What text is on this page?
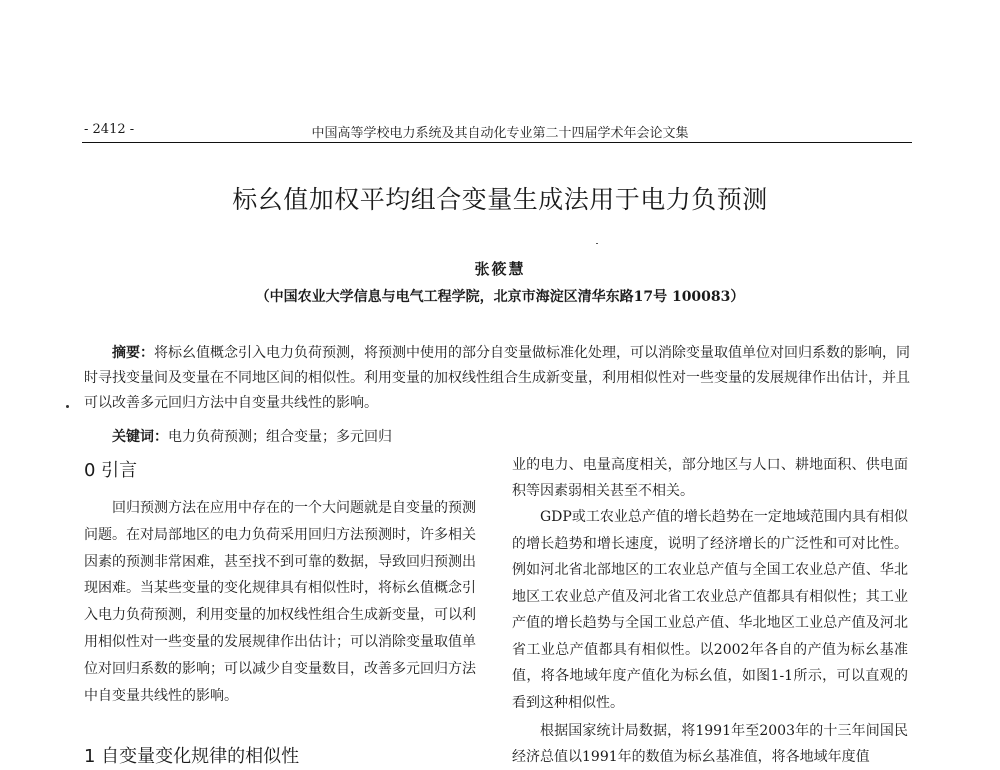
- 2412 -	中国高等学校电力系统及其自动化专业第二十四届学术年会论文集
标幺值加权平均组合变量生成法用于电力负预测
张筱慧
（中国农业大学信息与电气工程学院，北京市海淀区清华东路17号 100083）

摘要：将标幺值概念引入电力负荷预测，将预测中使用的部分自变量做标准化处理，可以消除变量取值单位对回归系数的影响，同时寻找变量间及变量在不同地区间的相似性。利用变量的加权线性组合生成新变量，利用相似性对一些变量的发展规律作出估计，并且可以改善多元回归方法中自变量共线性的影响。

关键词：电力负荷预测；组合变量；多元回归

0 引言

回归预测方法在应用中存在的一个大问题就是自变量的预测问题。在对局部地区的电力负荷采用回归方法预测时，许多相关因素的预测非常困难，甚至找不到可靠的数据，导致回归预测出现困难。当某些变量的变化规律具有相似性时，将标幺值概念引入电力负荷预测，利用变量的加权线性组合生成新变量，可以利用相似性对一些变量的发展规律作出估计；可以消除变量取值单位对回归系数的影响；可以减少自变量数目，改善多元回归方法中自变量共线性的影响。

1 自变量变化规律的相似性

业的电力、电量高度相关，部分地区与人口、耕地面积、供电面积等因素弱相关甚至不相关。

GDP或工农业总产值的增长趋势在一定地域范围内具有相似的增长趋势和增长速度，说明了经济增长的广泛性和可对比性。例如河北省北部地区的工农业总产值与全国工农业总产值、华北地区工农业总产值及河北省工农业总产值都具有相似性；其工业产值的增长趋势与全国工业总产值、华北地区工业总产值及河北省工业总产值都具有相似性。以2002年各自的产值为标幺基准值，将各地域年度产值化为标幺值，如图1-1所示，可以直观的看到这种相似性。

根据国家统计局数据，将1991年至2003年的十三年间国民经济总值以1991年的数值为标幺基准值，将各地域年度值
